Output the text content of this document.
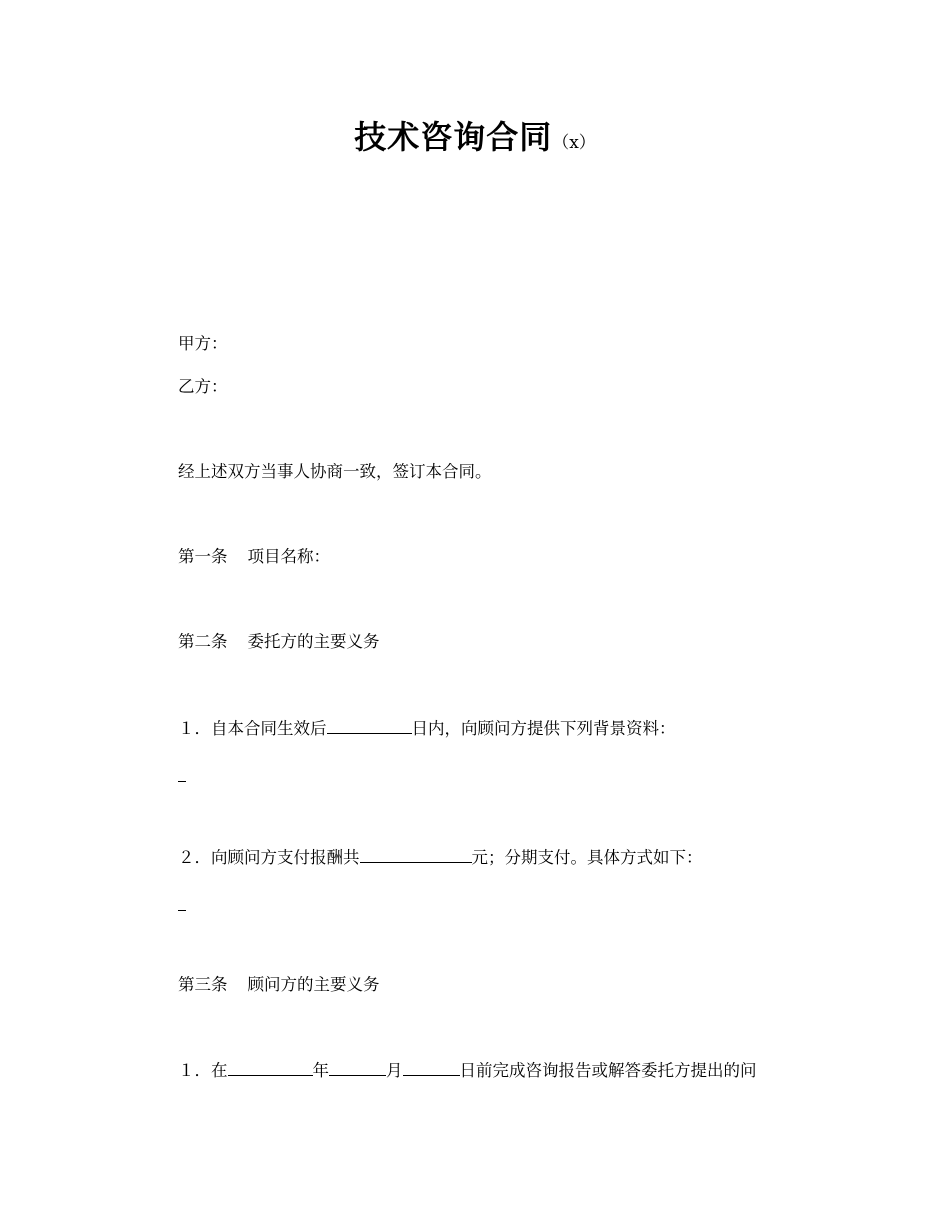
技术咨询合同（x）
甲方：
乙方：
经上述双方当事人协商一致，签订本合同。
第一条 项目名称：
第二条 委托方的主要义务
１．自本合同生效后	日内，向顾问方提供下列背景资料：
２．向顾问方支付报酬共	元；分期支付。具体方式如下：
第三条 顾问方的主要义务
１．在	年	月	日前完成咨询报告或解答委托方提出的问
